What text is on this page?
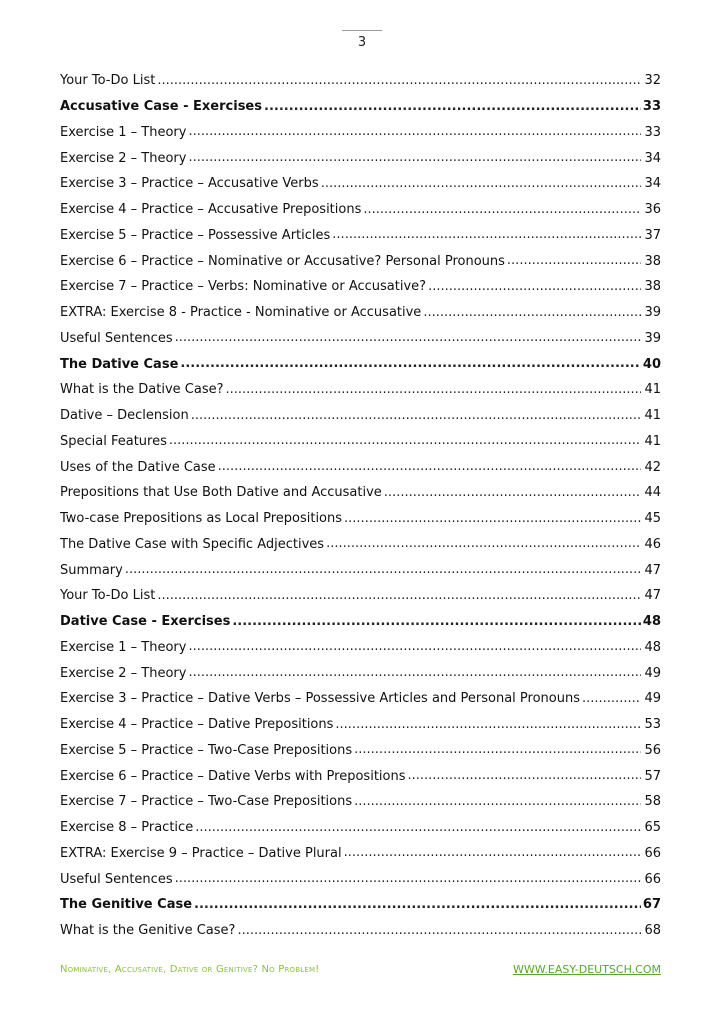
3
Your To-Do List .....	32
Accusative Case - Exercises .....	33
Exercise 1 – Theory .....	33
Exercise 2 – Theory .....	34
Exercise 3 – Practice – Accusative Verbs .....	34
Exercise 4 – Practice – Accusative Prepositions .....	36
Exercise 5 – Practice – Possessive Articles .....	37
Exercise 6 – Practice – Nominative or Accusative? Personal Pronouns .....	38
Exercise 7 – Practice – Verbs: Nominative or Accusative? .....	38
EXTRA: Exercise 8 - Practice - Nominative or Accusative .....	39
Useful Sentences .....	39
The Dative Case .....	40
What is the Dative Case? .....	41
Dative – Declension .....	41
Special Features .....	41
Uses of the Dative Case .....	42
Prepositions that Use Both Dative and Accusative .....	44
Two-case Prepositions as Local Prepositions .....	45
The Dative Case with Specific Adjectives .....	46
Summary .....	47
Your To-Do List .....	47
Dative Case - Exercises .....	48
Exercise 1 – Theory .....	48
Exercise 2 – Theory .....	49
Exercise 3 – Practice – Dative Verbs – Possessive Articles and Personal Pronouns .....	49
Exercise 4 – Practice – Dative Prepositions .....	53
Exercise 5 – Practice – Two-Case Prepositions .....	56
Exercise 6 – Practice – Dative Verbs with Prepositions .....	57
Exercise 7 – Practice – Two-Case Prepositions .....	58
Exercise 8 – Practice .....	65
EXTRA: Exercise 9 – Practice – Dative Plural .....	66
Useful Sentences .....	66
The Genitive Case .....	67
What is the Genitive Case? .....	68
Nominative, Accusative, Dative or Genitive? No Problem!	WWW.EASY-DEUTSCH.COM
